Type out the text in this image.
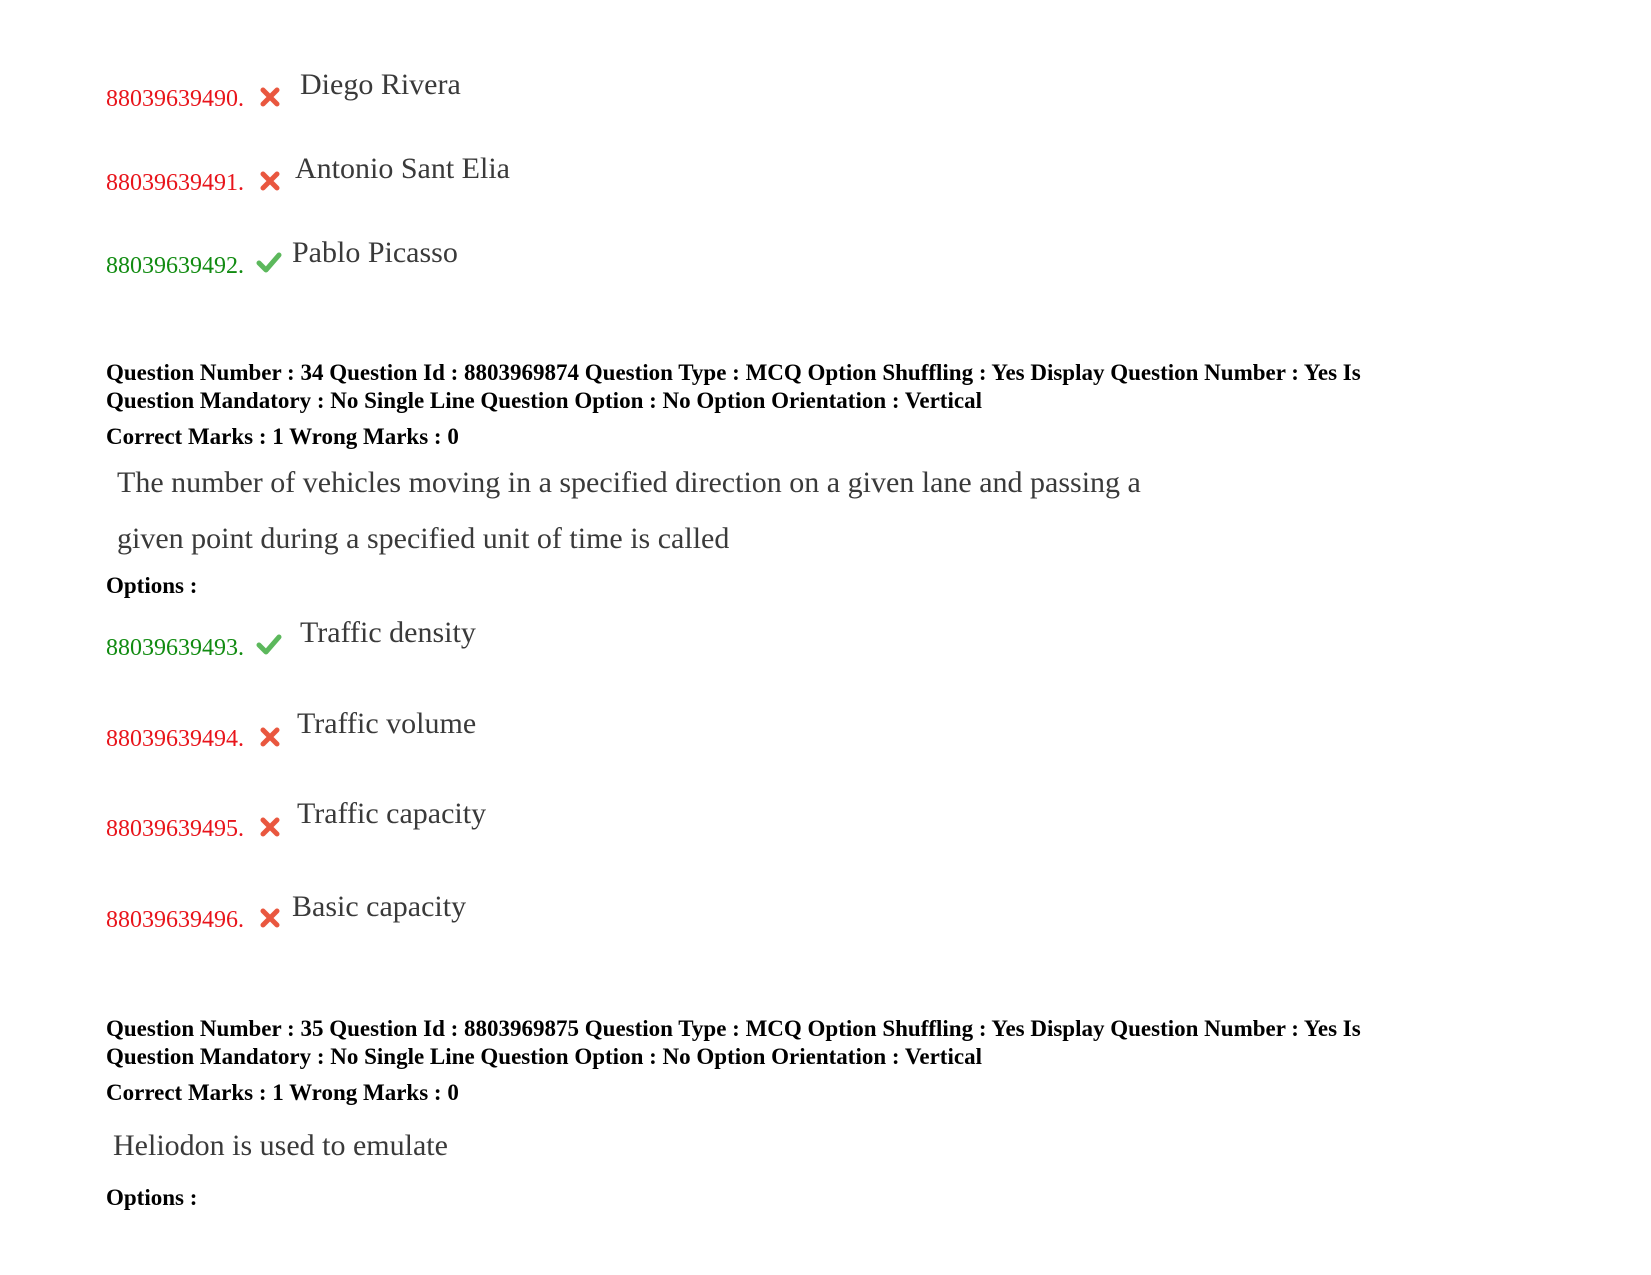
88039639490. Diego Rivera
88039639491. Antonio Sant Elia
88039639492. Pablo Picasso
Question Number : 34 Question Id : 8803969874 Question Type : MCQ Option Shuffling : Yes Display Question Number : Yes Is
Question Mandatory : No Single Line Question Option : No Option Orientation : Vertical
Correct Marks : 1 Wrong Marks : 0
The number of vehicles moving in a specified direction on a given lane and passing a
given point during a specified unit of time is called
Options :
88039639493. Traffic density
88039639494. Traffic volume
88039639495. Traffic capacity
88039639496. Basic capacity
Question Number : 35 Question Id : 8803969875 Question Type : MCQ Option Shuffling : Yes Display Question Number : Yes Is
Question Mandatory : No Single Line Question Option : No Option Orientation : Vertical
Correct Marks : 1 Wrong Marks : 0
Heliodon is used to emulate
Options :
